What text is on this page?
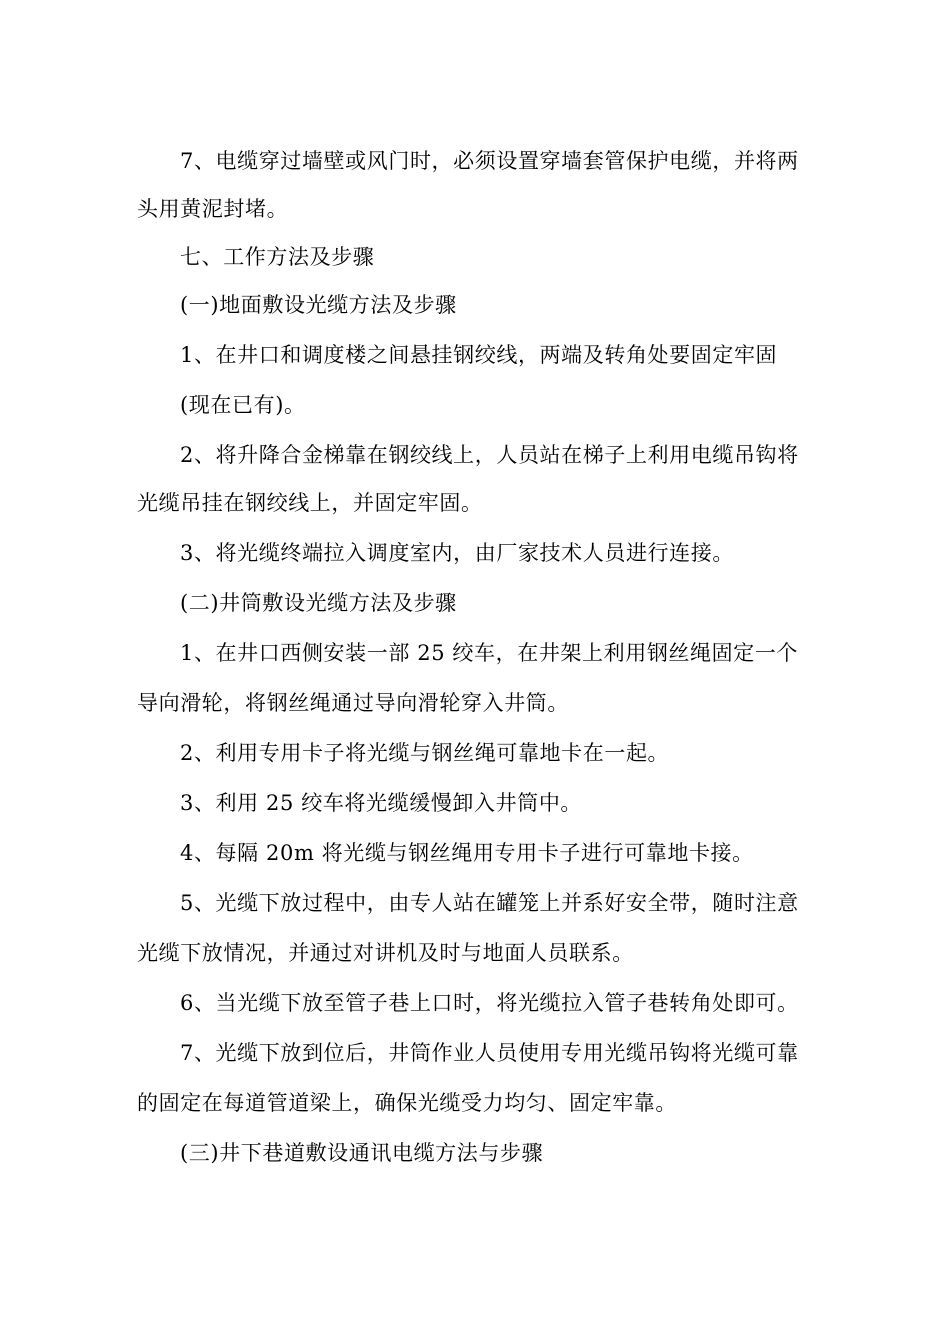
7、电缆穿过墙壁或风门时，必须设置穿墙套管保护电缆，并将两
头用黄泥封堵。
七、工作方法及步骤
(一)地面敷设光缆方法及步骤
1、在井口和调度楼之间悬挂钢绞线，两端及转角处要固定牢固
(现在已有)。
2、将升降合金梯靠在钢绞线上，人员站在梯子上利用电缆吊钩将
光缆吊挂在钢绞线上，并固定牢固。
3、将光缆终端拉入调度室内，由厂家技术人员进行连接。
(二)井筒敷设光缆方法及步骤
1、在井口西侧安装一部 25 绞车，在井架上利用钢丝绳固定一个
导向滑轮，将钢丝绳通过导向滑轮穿入井筒。
2、利用专用卡子将光缆与钢丝绳可靠地卡在一起。
3、利用 25 绞车将光缆缓慢卸入井筒中。
4、每隔 20m 将光缆与钢丝绳用专用卡子进行可靠地卡接。
5、光缆下放过程中，由专人站在罐笼上并系好安全带，随时注意
光缆下放情况，并通过对讲机及时与地面人员联系。
6、当光缆下放至管子巷上口时，将光缆拉入管子巷转角处即可。
7、光缆下放到位后，井筒作业人员使用专用光缆吊钩将光缆可靠
的固定在每道管道梁上，确保光缆受力均匀、固定牢靠。
(三)井下巷道敷设通讯电缆方法与步骤
